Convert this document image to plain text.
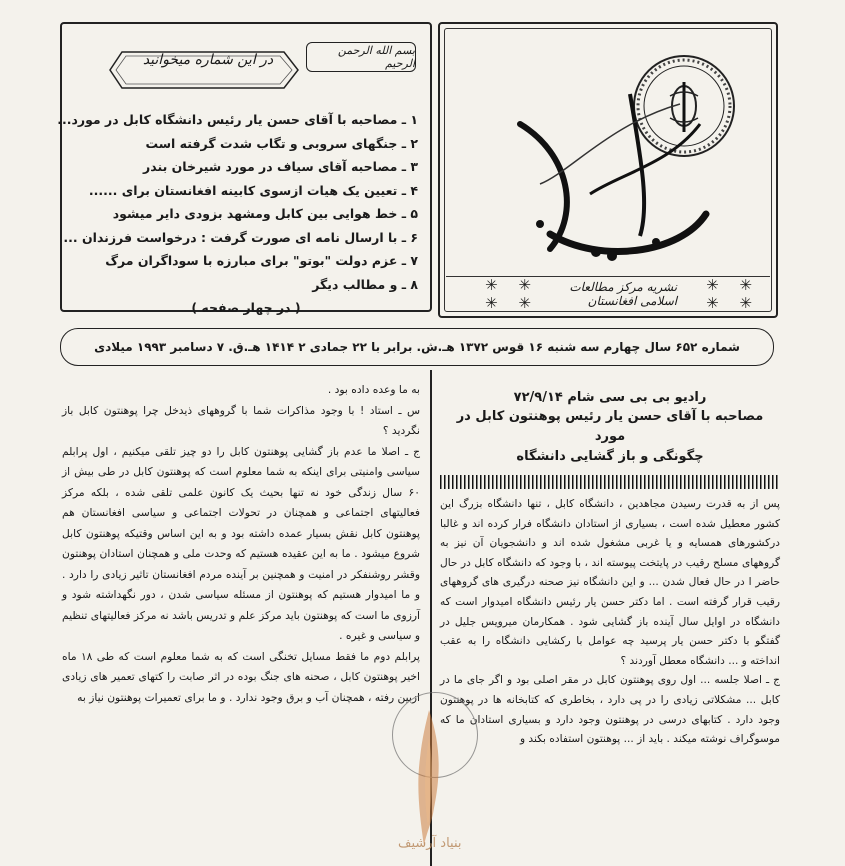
✳ ✳ ✳ ✳
نشریه مرکز مطالعات اسلامی افغانستان
✳ ✳ ✳ ✳
بسم الله الرحمن الرحیم
در این شماره میخوانید
۱ ـ مصاحبه با آقای حسن یار رئیس دانشگاه کابل در مورد...
۲ ـ جنگهای سروبی و تگاب شدت گرفته است
۳ ـ مصاحبه آقای سیاف در مورد شیرخان بندر
۴ ـ تعیین یک هیات ازسوی کابینه افغانستان برای ......
۵ ـ خط هوایی بین کابل ومشهد بزودی دایر میشود
۶ ـ با ارسال نامه ای صورت گرفت : درخواست فرزندان ...
۷ ـ عزم دولت "بوتو" برای مبارزه با سوداگران مرگ
۸ ـ و مطالب دیگر
( در چهار صفحه )
شماره ۶۵۲ سال چهارم سه شنبه ۱۶ قوس ۱۳۷۲ هـ.ش. برابر با ۲۲ جمادی ۲ ۱۴۱۴ هـ.ق. ۷ دسامبر ۱۹۹۳ میلادی
رادیو بی بی سی شام ۷۲/۹/۱۴
مصاحبه با آقای حسن یار رئیس پوهنتون کابل در مورد
چگونگی و باز گشایی دانشگاه

پس از به قدرت رسیدن مجاهدین ، دانشگاه کابل ، تنها دانشگاه بزرگ این کشور معطیل شده است ، بسیاری از استادان دانشگاه فرار کرده اند و غالبا درکشورهای همسایه و یا غربی مشغول شده اند و دانشجویان آن نیز به گروههای مسلح رقیب در پایتخت پیوسته اند ، با وجود که دانشگاه کابل در حال حاضر ا در حال فعال شدن ... و این دانشگاه نیز صحنه درگیری های گروههای رقیب قرار گرفته است . اما دکتر حسن یار رئیس دانشگاه امیدوار است که دانشگاه در اوایل سال آینده باز گشایی شود . همکارمان میرویس جلیل در گفتگو با دکتر حسن یار پرسید چه عوامل با رکشایی دانشگاه را به عقب انداخته و ... دانشگاه معطل آوردند ؟

ج ـ اصلا جلسه ... اول روی پوهنتون کابل در مقر اصلی بود و اگر جای ما در کابل ... مشکلاتی زیادی را در پی دارد ، بخاطری که کتابخانه ها در پوهنتون وجود دارد . کتابهای درسی در پوهنتون وجود دارد و بسیاری استادان ما که موسوگراف نوشته میکند . باید از ... پوهنتون استفاده بکند و

به ما وعده داده بود .

س ـ استاد ! با وجود مذاکرات شما با گروههای ذیدخل چرا پوهنتون کابل باز نگردید ؟

ج ـ اصلا ما عدم باز گشایی پوهنتون کابل را دو چیز تلقی میکنیم ، اول پرابلم سیاسی وامنیتی برای اینکه به شما معلوم است که پوهنتون کابل در طی بیش از ۶۰ سال زندگی خود نه تنها بحیث یک کانون علمی تلقی شده ، بلکه مرکز فعالیتهای اجتماعی و همچنان در تحولات اجتماعی و سیاسی افغانستان هم پوهنتون کابل نقش بسیار عمده داشته بود و به این اساس وقتیکه پوهنتون کابل شروع میشود . ما به این عقیده هستیم که وحدت ملی و همچنان استادان پوهنتون وقشر روشنفکر در امنیت و همچنین بر آینده مردم افغانستان تاثیر زیادی را دارد . و ما امیدوار هستیم که پوهنتون از مسئله سیاسی شدن ، دور نگهداشته شود و آرزوی ما است که پوهنتون باید مرکز علم و تدریس باشد نه مرکز فعالیتهای تنظیم و سیاسی و غیره .

پرابلم دوم ما فقط مسایل تخنگی است که به شما معلوم است که طی ۱۸ ماه اخیر پوهنتون کابل ، صحنه های جنگ بوده در اثر صابت را کتهای تعمیر های زیادی ازبین رفته ، همچنان آب و برق وجود ندارد . و ما برای تعمیرات پوهنتون نیاز به

بنیاد آرشیف
